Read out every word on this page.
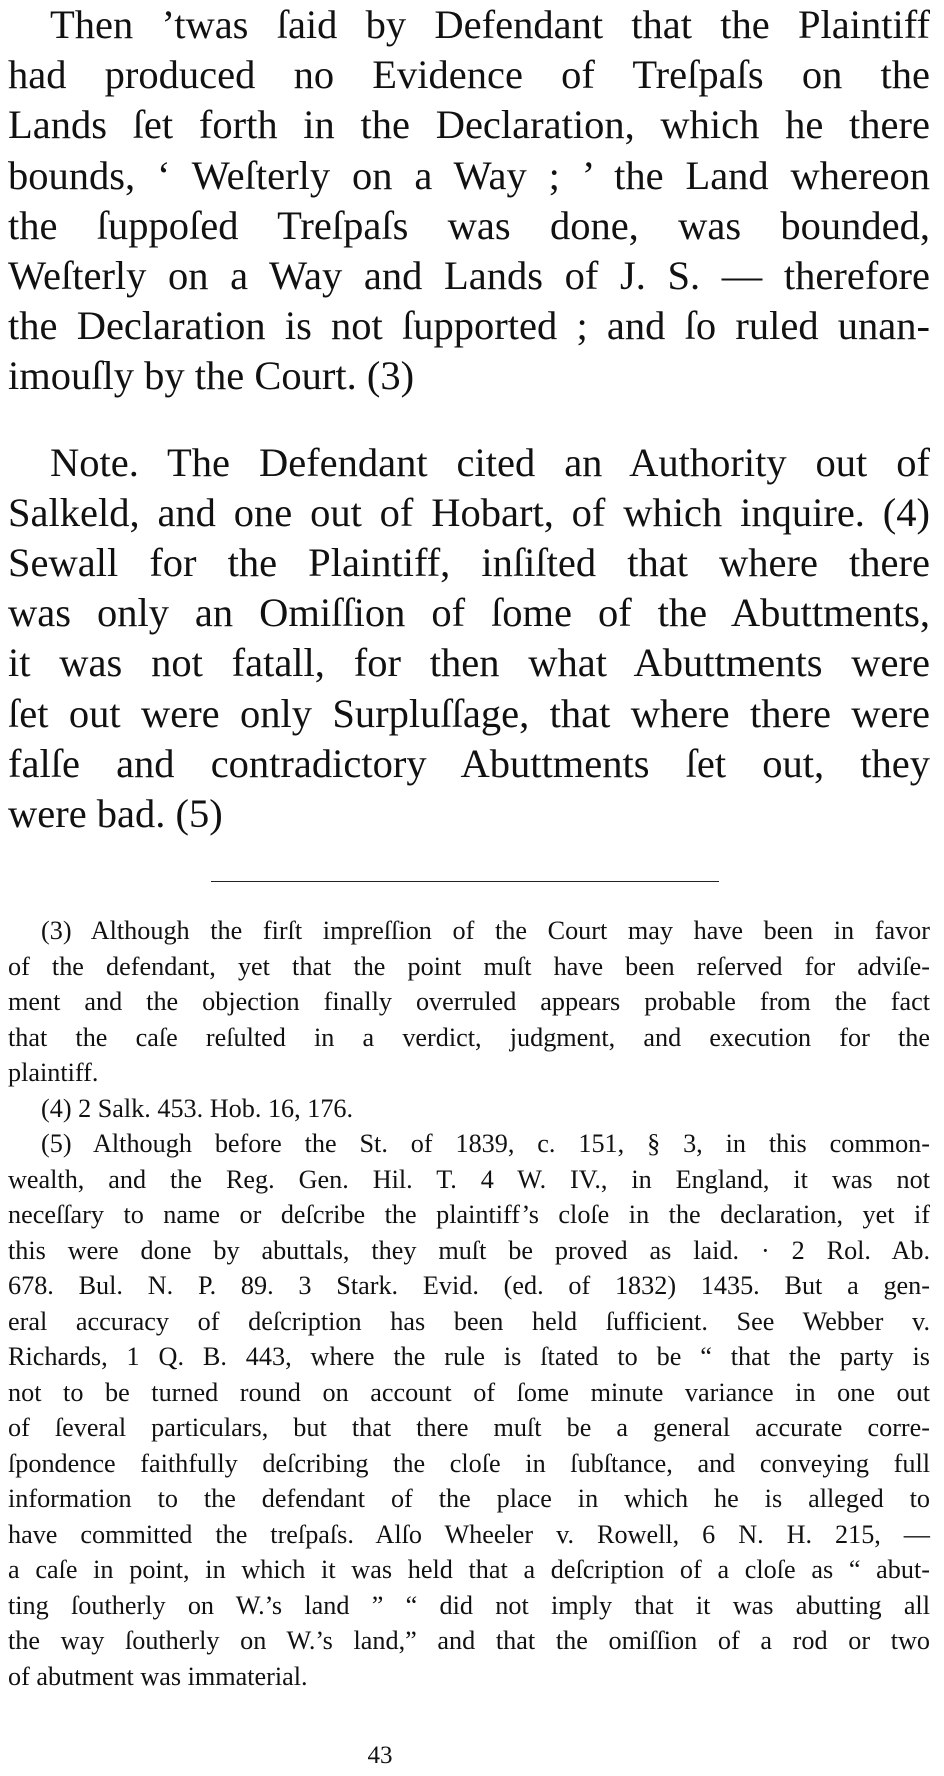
Then ’twas ſaid by Defendant that the Plaintiff
had produced no Evidence of Treſpaſs on the
Lands ſet forth in the Declaration, which he there
bounds, ‘ Weſterly on a Way ; ’ the Land whereon
the ſuppoſed Treſpaſs was done, was bounded,
Weſterly on a Way and Lands of J. S. — therefore
the Declaration is not ſupported ; and ſo ruled unan-
imouſly by the Court. (3)
Note. The Defendant cited an Authority out of
Salkeld, and one out of Hobart, of which inquire. (4)
Sewall for the Plaintiff, inſiſted that where there
was only an Omiſſion of ſome of the Abuttments,
it was not fatall, for then what Abuttments were
ſet out were only Surpluſſage, that where there were
falſe and contradictory Abuttments ſet out, they
were bad. (5)
(3) Although the firſt impreſſion of the Court may have been in favor
of the defendant, yet that the point muſt have been reſerved for adviſe-
ment and the objection finally overruled appears probable from the fact
that the caſe reſulted in a verdict, judgment, and execution for the
plaintiff.
(4) 2 Salk. 453. Hob. 16, 176.
(5) Although before the St. of 1839, c. 151, § 3, in this common-
wealth, and the Reg. Gen. Hil. T. 4 W. IV., in England, it was not
neceſſary to name or deſcribe the plaintiff’s cloſe in the declaration, yet if
this were done by abuttals, they muſt be proved as laid. · 2 Rol. Ab.
678. Bul. N. P. 89. 3 Stark. Evid. (ed. of 1832) 1435. But a gen-
eral accuracy of deſcription has been held ſufficient. See Webber v.
Richards, 1 Q. B. 443, where the rule is ſtated to be “ that the party is
not to be turned round on account of ſome minute variance in one out
of ſeveral particulars, but that there muſt be a general accurate corre-
ſpondence faithfully deſcribing the cloſe in ſubſtance, and conveying full
information to the defendant of the place in which he is alleged to
have committed the treſpaſs. Alſo Wheeler v. Rowell, 6 N. H. 215, —
a caſe in point, in which it was held that a deſcription of a cloſe as “ abut-
ting ſoutherly on W.’s land ” “ did not imply that it was abutting all
the way ſoutherly on W.’s land,” and that the omiſſion of a rod or two
of abutment was immaterial.
43
